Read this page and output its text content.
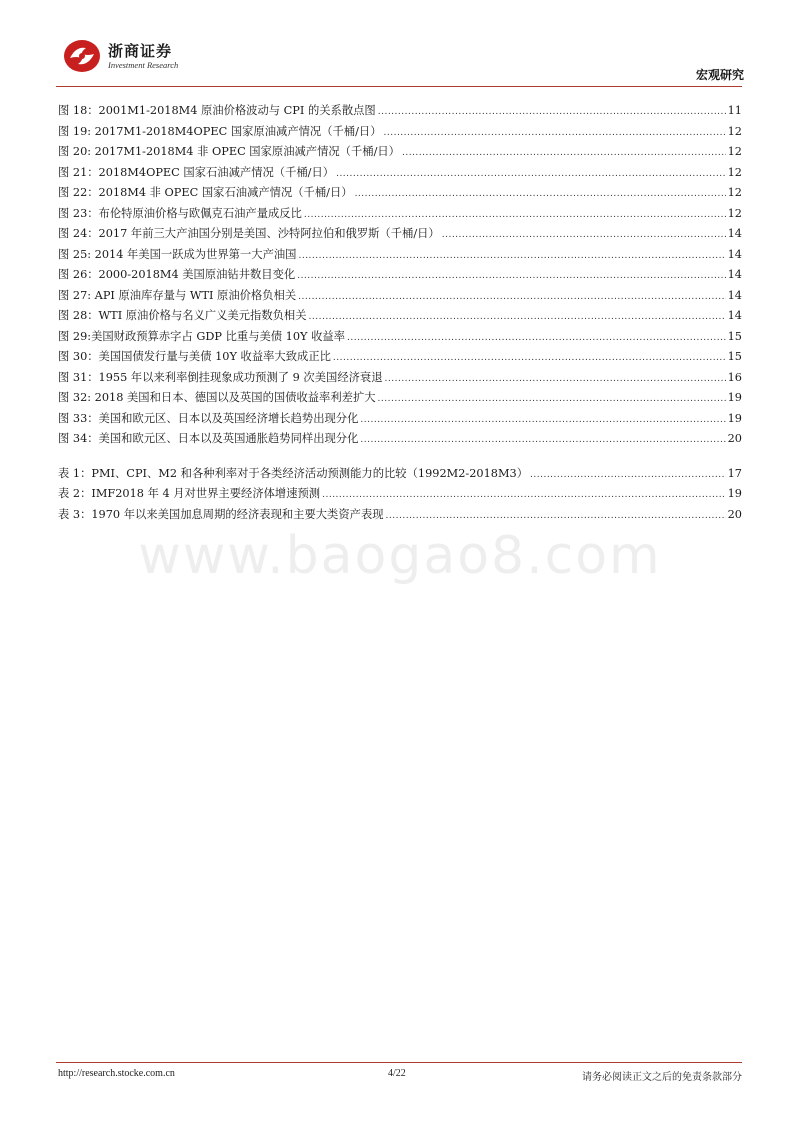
浙商证券
Investment Research
宏观研究
www.baogao8.com
图 18：2001M1-2018M4 原油价格波动与 CPI 的关系散点图 .....	11
图 19: 2017M1-2018M4OPEC 国家原油减产情况（千桶/日） .....	12
图 20: 2017M1-2018M4 非 OPEC 国家原油减产情况（千桶/日） .....	12
图 21：2018M4OPEC 国家石油减产情况（千桶/日） .....	12
图 22：2018M4 非 OPEC 国家石油减产情况（千桶/日） .....	12
图 23：布伦特原油价格与欧佩克石油产量成反比 .....	12
图 24：2017 年前三大产油国分别是美国、沙特阿拉伯和俄罗斯（千桶/日） .....	14
图 25: 2014 年美国一跃成为世界第一大产油国 .....	14
图 26：2000-2018M4 美国原油钻井数目变化 .....	14
图 27: API 原油库存量与 WTI 原油价格负相关 .....	14
图 28：WTI 原油价格与名义广义美元指数负相关 .....	14
图 29:美国财政预算赤字占 GDP 比重与美债 10Y 收益率 .....	15
图 30：美国国债发行量与美债 10Y 收益率大致成正比 .....	15
图 31：1955 年以来利率倒挂现象成功预测了 9 次美国经济衰退 .....	16
图 32: 2018 美国和日本、德国以及英国的国债收益率利差扩大 .....	19
图 33：美国和欧元区、日本以及英国经济增长趋势出现分化 .....	19
图 34：美国和欧元区、日本以及英国通胀趋势同样出现分化 .....	20
表 1：PMI、CPI、M2 和各种利率对于各类经济活动预测能力的比较（1992M2-2018M3） .....	17
表 2：IMF2018 年 4 月对世界主要经济体增速预测 .....	19
表 3：1970 年以来美国加息周期的经济表现和主要大类资产表现 .....	20
http://research.stocke.com.cn	4/22	请务必阅读正文之后的免责条款部分
